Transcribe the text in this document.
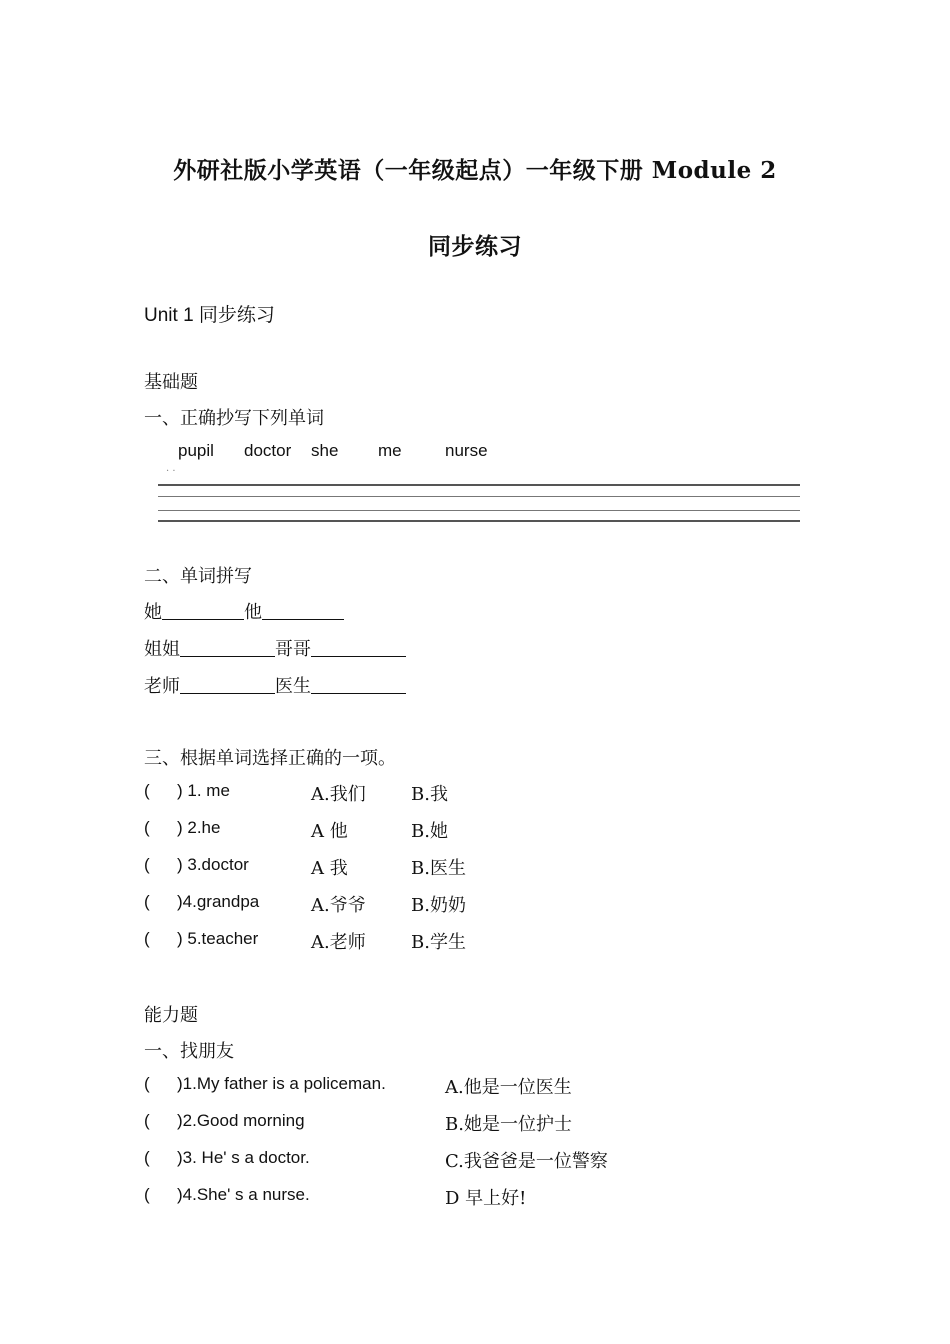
外研社版小学英语（一年级起点）一年级下册 Module 2
同步练习
Unit 1 同步练习
基础题
一、正确抄写下列单词
pupil doctor she me	nurse
· ·
二、单词拼写
她	他
姐姐	哥哥
老师	医生
三、根据单词选择正确的一项。
( ) 1. me	A.我们	B.我
( ) 2.he	A 他	B.她
( ) 3.doctor	A 我	B.医生
( )4.grandpa	A.爷爷	B.奶奶
( ) 5.teacher	A.老师	B.学生
能力题
一、找朋友
( )1.My father is a policeman.	A.他是一位医生
( )2.Good morning	B.她是一位护士
( )3. He' s a doctor.	C.我爸爸是一位警察
( )4.She' s a nurse.	D 早上好!
